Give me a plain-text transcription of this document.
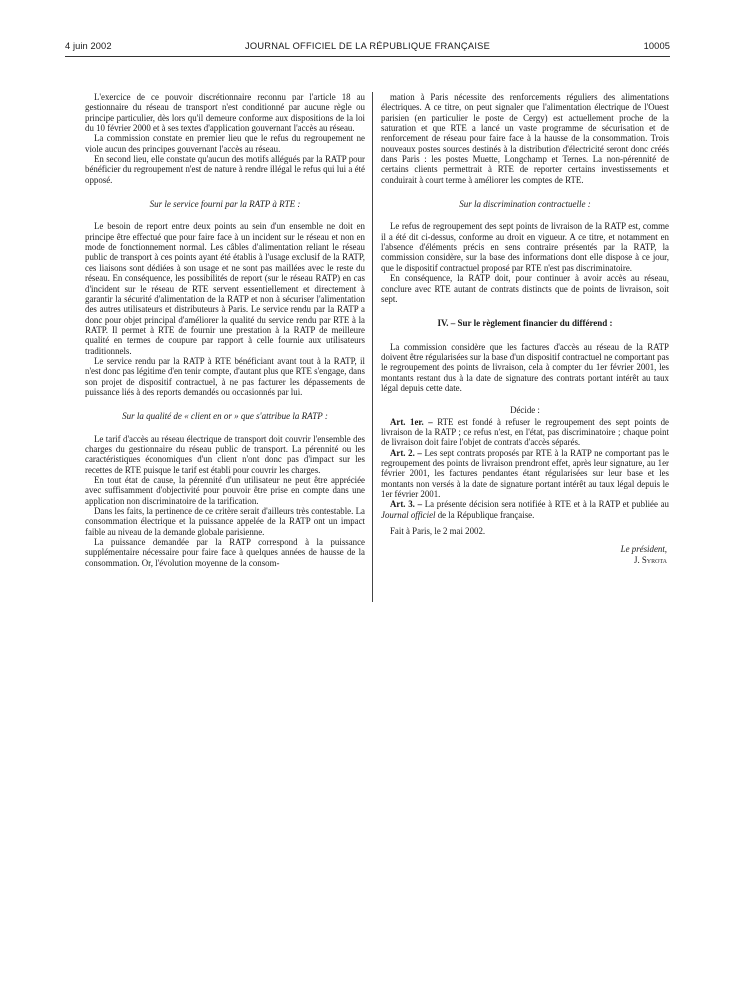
4 juin 2002	JOURNAL OFFICIEL DE LA RÉPUBLIQUE FRANÇAISE	10005

L'exercice de ce pouvoir discrétionnaire reconnu par l'article 18 au gestionnaire du réseau de transport n'est conditionné par aucune règle ou principe particulier, dès lors qu'il demeure conforme aux dispositions de la loi du 10 février 2000 et à ses textes d'application gouvernant l'accès au réseau.

La commission constate en premier lieu que le refus du regroupement ne viole aucun des principes gouvernant l'accès au réseau.

En second lieu, elle constate qu'aucun des motifs allégués par la RATP pour bénéficier du regroupement n'est de nature à rendre illégal le refus qui lui a été opposé.

Sur le service fourni par la RATP à RTE :

Le besoin de report entre deux points au sein d'un ensemble ne doit en principe être effectué que pour faire face à un incident sur le réseau et non en mode de fonctionnement normal. Les câbles d'alimentation reliant le réseau public de transport à ces points ayant été établis à l'usage exclusif de la RATP, ces liaisons sont dédiées à son usage et ne sont pas maillées avec le reste du réseau. En conséquence, les possibilités de report (sur le réseau RATP) en cas d'incident sur le réseau de RTE servent essentiellement et directement à garantir la sécurité d'alimentation de la RATP et non à sécuriser l'alimentation des autres utilisateurs et distributeurs à Paris. Le service rendu par la RATP a donc pour objet principal d'améliorer la qualité du service rendu par RTE à la RATP. Il permet à RTE de fournir une prestation à la RATP de meilleure qualité en termes de coupure par rapport à celle fournie aux utilisateurs traditionnels.

Le service rendu par la RATP à RTE bénéficiant avant tout à la RATP, il n'est donc pas légitime d'en tenir compte, d'autant plus que RTE s'engage, dans son projet de dispositif contractuel, à ne pas facturer les dépassements de puissance liés à des reports demandés ou occasionnés par lui.

Sur la qualité de « client en or » que s'attribue la RATP :

Le tarif d'accès au réseau électrique de transport doit couvrir l'ensemble des charges du gestionnaire du réseau public de transport. La pérennité ou les caractéristiques économiques d'un client n'ont donc pas d'impact sur les recettes de RTE puisque le tarif est établi pour couvrir les charges.

En tout état de cause, la pérennité d'un utilisateur ne peut être appréciée avec suffisamment d'objectivité pour pouvoir être prise en compte dans une application non discriminatoire de la tarification.

Dans les faits, la pertinence de ce critère serait d'ailleurs très contestable. La consommation électrique et la puissance appelée de la RATP ont un impact faible au niveau de la demande globale parisienne.

La puissance demandée par la RATP correspond à la puissance supplémentaire nécessaire pour faire face à quelques années de hausse de la consommation. Or, l'évolution moyenne de la consom-

mation à Paris nécessite des renforcements réguliers des alimentations électriques. A ce titre, on peut signaler que l'alimentation électrique de l'Ouest parisien (en particulier le poste de Cergy) est actuellement proche de la saturation et que RTE a lancé un vaste programme de sécurisation et de renforcement de réseau pour faire face à la hausse de la consommation. Trois nouveaux postes sources destinés à la distribution d'électricité seront donc créés dans Paris : les postes Muette, Longchamp et Ternes. La non-pérennité de certains clients permettrait à RTE de reporter certains investissements et conduirait à court terme à améliorer les comptes de RTE.

Sur la discrimination contractuelle :

Le refus de regroupement des sept points de livraison de la RATP est, comme il a été dit ci-dessus, conforme au droit en vigueur. A ce titre, et notamment en l'absence d'éléments précis en sens contraire présentés par la RATP, la commission considère, sur la base des informations dont elle dispose à ce jour, que le dispositif contractuel proposé par RTE n'est pas discriminatoire.

En conséquence, la RATP doit, pour continuer à avoir accès au réseau, conclure avec RTE autant de contrats distincts que de points de livraison, soit sept.

IV. – Sur le règlement financier du différend :

La commission considère que les factures d'accès au réseau de la RATP doivent être régularisées sur la base d'un dispositif contractuel ne comportant pas le regroupement des points de livraison, cela à compter du 1er février 2001, les montants restant dus à la date de signature des contrats portant intérêt au taux légal depuis cette date.

Décide :

Art. 1er. – RTE est fondé à refuser le regroupement des sept points de livraison de la RATP ; ce refus n'est, en l'état, pas discriminatoire ; chaque point de livraison doit faire l'objet de contrats d'accès séparés.

Art. 2. – Les sept contrats proposés par RTE à la RATP ne comportant pas le regroupement des points de livraison prendront effet, après leur signature, au 1er février 2001, les factures pendantes étant régularisées sur leur base et les montants non versés à la date de signature portant intérêt au taux légal depuis le 1er février 2001.

Art. 3. – La présente décision sera notifiée à RTE et à la RATP et publiée au Journal officiel de la République française.

Fait à Paris, le 2 mai 2002.

Le président,
J. Syrota
